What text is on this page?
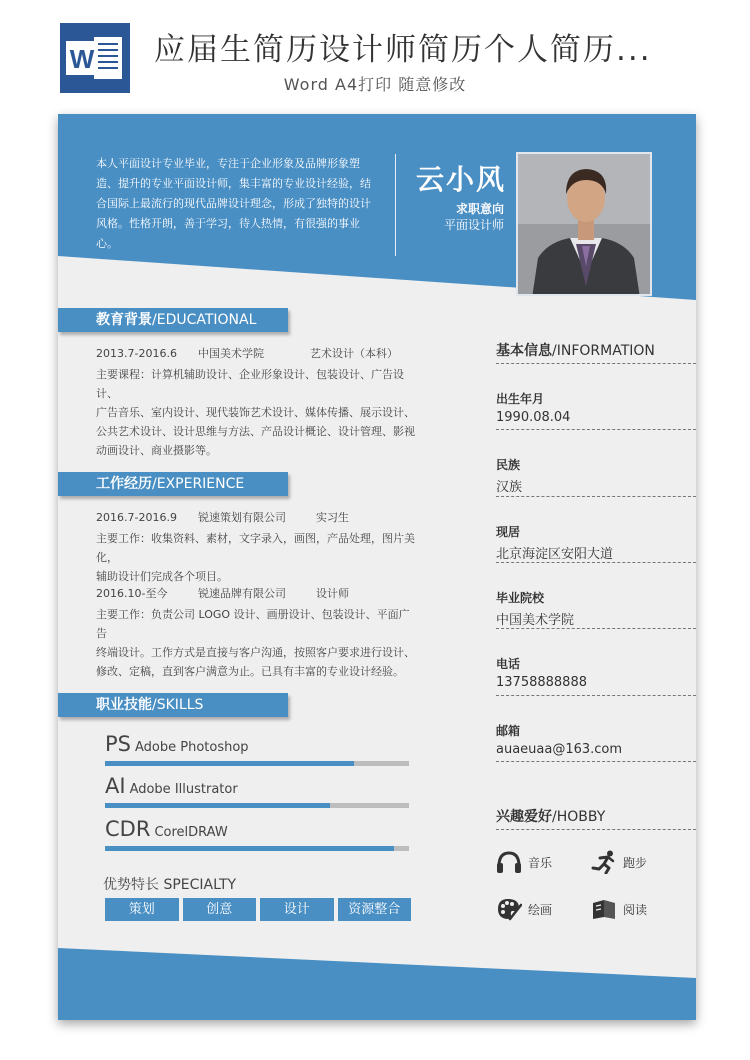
W 应届生简历设计师简历个人简历...
Word A4打印 随意修改
本人平面设计专业毕业，专注于企业形象及品牌形象塑造、提升的专业平面设计师，集丰富的专业设计经验，结合国际上最流行的现代品牌设计理念，形成了独特的设计风格。性格开朗，善于学习，待人热情，有很强的事业心。
云小风
求职意向
平面设计师
教育背景/EDUCATIONAL
2013.7-2016.6 中国美术学院	艺术设计（本科）
主要课程：计算机辅助设计、企业形象设计、包装设计、广告设计、
广告音乐、室内设计、现代装饰艺术设计、媒体传播、展示设计、
公共艺术设计、设计思维与方法、产品设计概论、设计管理、影视
动画设计、商业摄影等。
工作经历/EXPERIENCE
2016.7-2016.9 锐速策划有限公司	实习生
主要工作：收集资料、素材，文字录入，画图，产品处理，图片美化，
辅助设计们完成各个项目。
2016.10-至今	锐速品牌有限公司	设计师
主要工作：负责公司 LOGO 设计、画册设计、包装设计、平面广告
终端设计。工作方式是直接与客户沟通，按照客户要求进行设计、
修改、定稿，直到客户满意为止。已具有丰富的专业设计经验。
职业技能/SKILLS
PS Adobe Photoshop
AI Adobe Illustrator
CDR CorelDRAW
优势特长 SPECIALTY
策划	创意	设计	资源整合
基本信息/INFORMATION
出生年月
1990.08.04
民族
汉族
现居
北京海淀区安阳大道
毕业院校
中国美术学院
电话
13758888888
邮箱
auaeuaa@163.com
兴趣爱好/HOBBY
音乐	跑步
绘画	阅读
